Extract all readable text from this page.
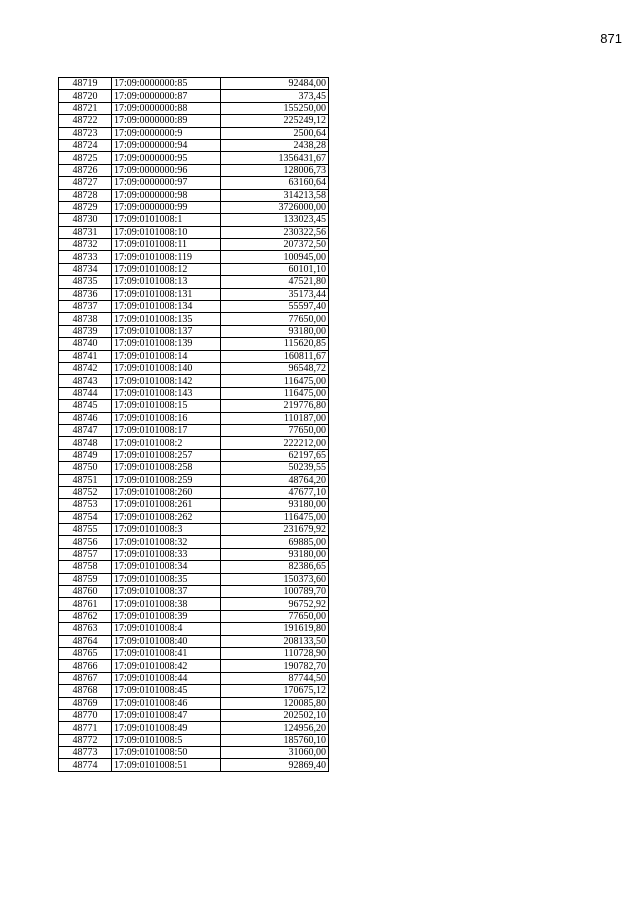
871
48719	17:09:0000000:85	92484,00
48720	17:09:0000000:87	373,45
48721	17:09:0000000:88	155250,00
48722	17:09:0000000:89	225249,12
48723	17:09:0000000:9	2500,64
48724	17:09:0000000:94	2438,28
48725	17:09:0000000:95	1356431,67
48726	17:09:0000000:96	128006,73
48727	17:09:0000000:97	63160,64
48728	17:09:0000000:98	314213,58
48729	17:09:0000000:99	3726000,00
48730	17:09:0101008:1	133023,45
48731	17:09:0101008:10	230322,56
48732	17:09:0101008:11	207372,50
48733	17:09:0101008:119	100945,00
48734	17:09:0101008:12	60101,10
48735	17:09:0101008:13	47521,80
48736	17:09:0101008:131	35173,44
48737	17:09:0101008:134	55597,40
48738	17:09:0101008:135	77650,00
48739	17:09:0101008:137	93180,00
48740	17:09:0101008:139	115620,85
48741	17:09:0101008:14	160811,67
48742	17:09:0101008:140	96548,72
48743	17:09:0101008:142	116475,00
48744	17:09:0101008:143	116475,00
48745	17:09:0101008:15	219776,80
48746	17:09:0101008:16	110187,00
48747	17:09:0101008:17	77650,00
48748	17:09:0101008:2	222212,00
48749	17:09:0101008:257	62197,65
48750	17:09:0101008:258	50239,55
48751	17:09:0101008:259	48764,20
48752	17:09:0101008:260	47677,10
48753	17:09:0101008:261	93180,00
48754	17:09:0101008:262	116475,00
48755	17:09:0101008:3	231679,92
48756	17:09:0101008:32	69885,00
48757	17:09:0101008:33	93180,00
48758	17:09:0101008:34	82386,65
48759	17:09:0101008:35	150373,60
48760	17:09:0101008:37	100789,70
48761	17:09:0101008:38	96752,92
48762	17:09:0101008:39	77650,00
48763	17:09:0101008:4	191619,80
48764	17:09:0101008:40	208133,50
48765	17:09:0101008:41	110728,90
48766	17:09:0101008:42	190782,70
48767	17:09:0101008:44	87744,50
48768	17:09:0101008:45	170675,12
48769	17:09:0101008:46	120085,80
48770	17:09:0101008:47	202502,10
48771	17:09:0101008:49	124956,20
48772	17:09:0101008:5	185760,10
48773	17:09:0101008:50	31060,00
48774	17:09:0101008:51	92869,40
